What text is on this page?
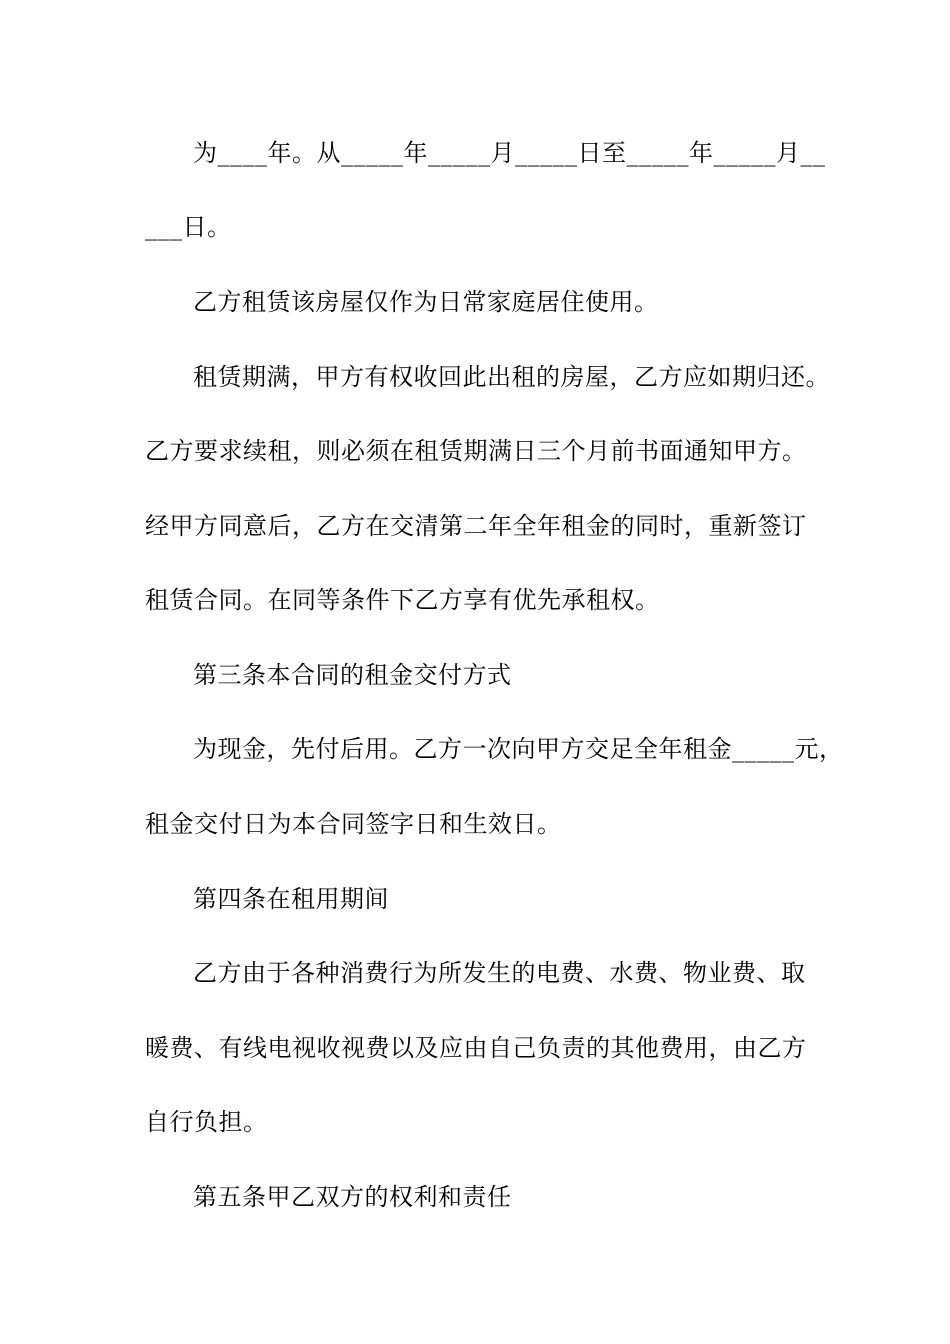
为____年。从_____年_____月_____日至_____年_____月__
___日。
乙方租赁该房屋仅作为日常家庭居住使用。
租赁期满，甲方有权收回此出租的房屋，乙方应如期归还。
乙方要求续租，则必须在租赁期满日三个月前书面通知甲方。
经甲方同意后，乙方在交清第二年全年租金的同时，重新签订
租赁合同。在同等条件下乙方享有优先承租权。
第三条本合同的租金交付方式
为现金，先付后用。乙方一次向甲方交足全年租金_____元，
租金交付日为本合同签字日和生效日。
第四条在租用期间
乙方由于各种消费行为所发生的电费、水费、物业费、取
暖费、有线电视收视费以及应由自己负责的其他费用，由乙方
自行负担。
第五条甲乙双方的权利和责任
